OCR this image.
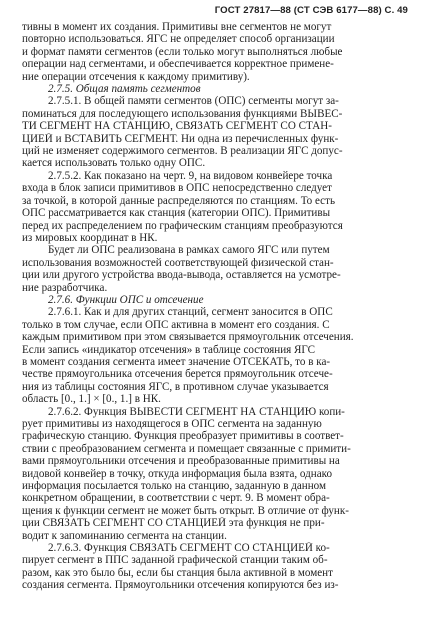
ГОСТ 27817—88 (СТ СЭВ 6177—88) С. 49
тивны в момент их создания. Примитивы вне сегментов не могут
повторно использоваться. ЯГС не определяет способ организации
и формат памяти сегментов (если только могут выполняться любые
операции над сегментами, и обеспечивается корректное примене-
ние операции отсечения к каждому примитиву).
2.7.5. Общая память сегментов
2.7.5.1. В общей памяти сегментов (ОПС) сегменты могут за-
поминаться для последующего использования функциями ВЫВЕС-
ТИ СЕГМЕНТ НА СТАНЦИЮ, СВЯЗАТЬ СЕГМЕНТ СО СТАН-
ЦИЕЙ и ВСТАВИТЬ СЕГМЕНТ. Ни одна из перечисленных функ-
ций не изменяет содержимого сегментов. В реализации ЯГС допус-
кается использовать только одну ОПС.
2.7.5.2. Как показано на черт. 9, на видовом конвейере точка
входа в блок записи примитивов в ОПС непосредственно следует
за точкой, в которой данные распределяются по станциям. То есть
ОПС рассматривается как станция (категории ОПС). Примитивы
перед их распределением по графическим станциям преобразуются
из мировых координат в НК.
Будет ли ОПС реализована в рамках самого ЯГС или путем
использования возможностей соответствующей физической стан-
ции или другого устройства ввода-вывода, оставляется на усмотре-
ние разработчика.
2.7.6. Функции ОПС и отсечение
2.7.6.1. Как и для других станций, сегмент заносится в ОПС
только в том случае, если ОПС активна в момент его создания. С
каждым примитивом при этом связывается прямоугольник отсечения.
Если запись «индикатор отсечения» в таблице состояния ЯГС
в момент создания сегмента имеет значение ОТСЕКАТЬ, то в ка-
честве прямоугольника отсечения берется прямоугольник отсече-
ния из таблицы состояния ЯГС, в противном случае указывается
область [0., 1.] × [0., 1.] в НК.
2.7.6.2. Функция ВЫВЕСТИ СЕГМЕНТ НА СТАНЦИЮ копи-
рует примитивы из находящегося в ОПС сегмента на заданную
графическую станцию. Функция преобразует примитивы в соответ-
ствии с преобразованием сегмента и помещает связанные с примити-
вами прямоугольники отсечения и преобразованные примитивы на
видовой конвейер в точку, откуда информация была взята, однако
информация посылается только на станцию, заданную в данном
конкретном обращении, в соответствии с черт. 9. В момент обра-
щения к функции сегмент не может быть открыт. В отличие от функ-
ции СВЯЗАТЬ СЕГМЕНТ СО СТАНЦИЕЙ эта функция не при-
водит к запоминанию сегмента на станции.
2.7.6.3. Функция СВЯЗАТЬ СЕГМЕНТ СО СТАНЦИЕЙ ко-
пирует сегмент в ППС заданной графической станции таким об-
разом, как это было бы, если бы станция была активной в момент
создания сегмента. Прямоугольники отсечения копируются без из-
